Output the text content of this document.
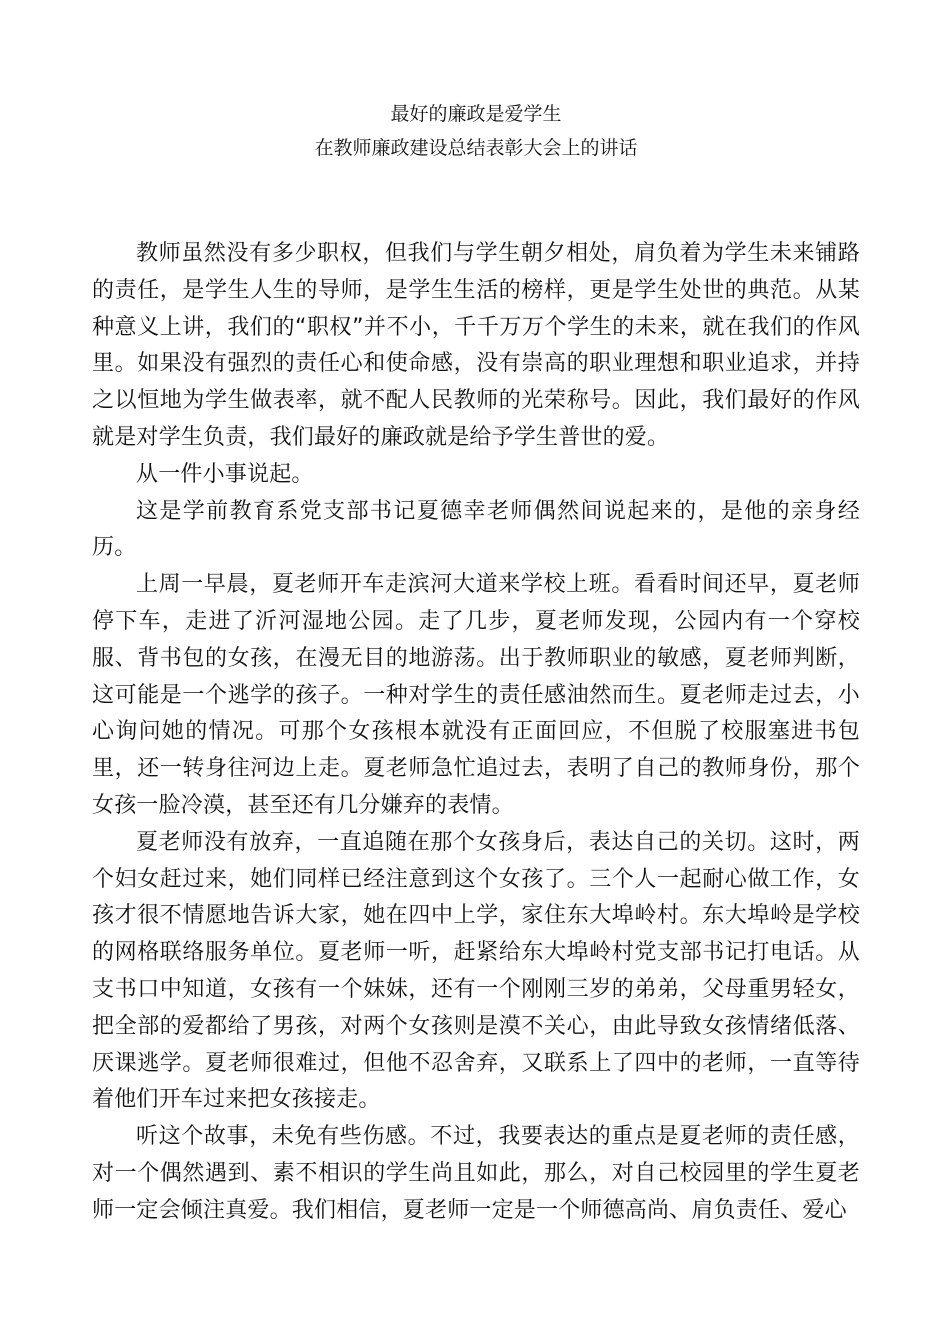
最好的廉政是爱学生
在教师廉政建设总结表彰大会上的讲话

教师虽然没有多少职权，但我们与学生朝夕相处，肩负着为学生未来铺路的责任，是学生人生的导师，是学生生活的榜样，更是学生处世的典范。从某种意义上讲，我们的“职权”并不小，千千万万个学生的未来，就在我们的作风里。如果没有强烈的责任心和使命感，没有崇高的职业理想和职业追求，并持之以恒地为学生做表率，就不配人民教师的光荣称号。因此，我们最好的作风就是对学生负责，我们最好的廉政就是给予学生普世的爱。

从一件小事说起。

这是学前教育系党支部书记夏德幸老师偶然间说起来的，是他的亲身经历。

上周一早晨，夏老师开车走滨河大道来学校上班。看看时间还早，夏老师停下车，走进了沂河湿地公园。走了几步，夏老师发现，公园内有一个穿校服、背书包的女孩，在漫无目的地游荡。出于教师职业的敏感，夏老师判断，这可能是一个逃学的孩子。一种对学生的责任感油然而生。夏老师走过去，小心询问她的情况。可那个女孩根本就没有正面回应，不但脱了校服塞进书包里，还一转身往河边上走。夏老师急忙追过去，表明了自己的教师身份，那个女孩一脸冷漠，甚至还有几分嫌弃的表情。

夏老师没有放弃，一直追随在那个女孩身后，表达自己的关切。这时，两个妇女赶过来，她们同样已经注意到这个女孩了。三个人一起耐心做工作，女孩才很不情愿地告诉大家，她在四中上学，家住东大埠岭村。东大埠岭是学校的网格联络服务单位。夏老师一听，赶紧给东大埠岭村党支部书记打电话。从支书口中知道，女孩有一个妹妹，还有一个刚刚三岁的弟弟，父母重男轻女，把全部的爱都给了男孩，对两个女孩则是漠不关心，由此导致女孩情绪低落、厌课逃学。夏老师很难过，但他不忍舍弃，又联系上了四中的老师，一直等待着他们开车过来把女孩接走。

听这个故事，未免有些伤感。不过，我要表达的重点是夏老师的责任感，对一个偶然遇到、素不相识的学生尚且如此，那么，对自己校园里的学生夏老师一定会倾注真爱。我们相信，夏老师一定是一个师德高尚、肩负责任、爱心
